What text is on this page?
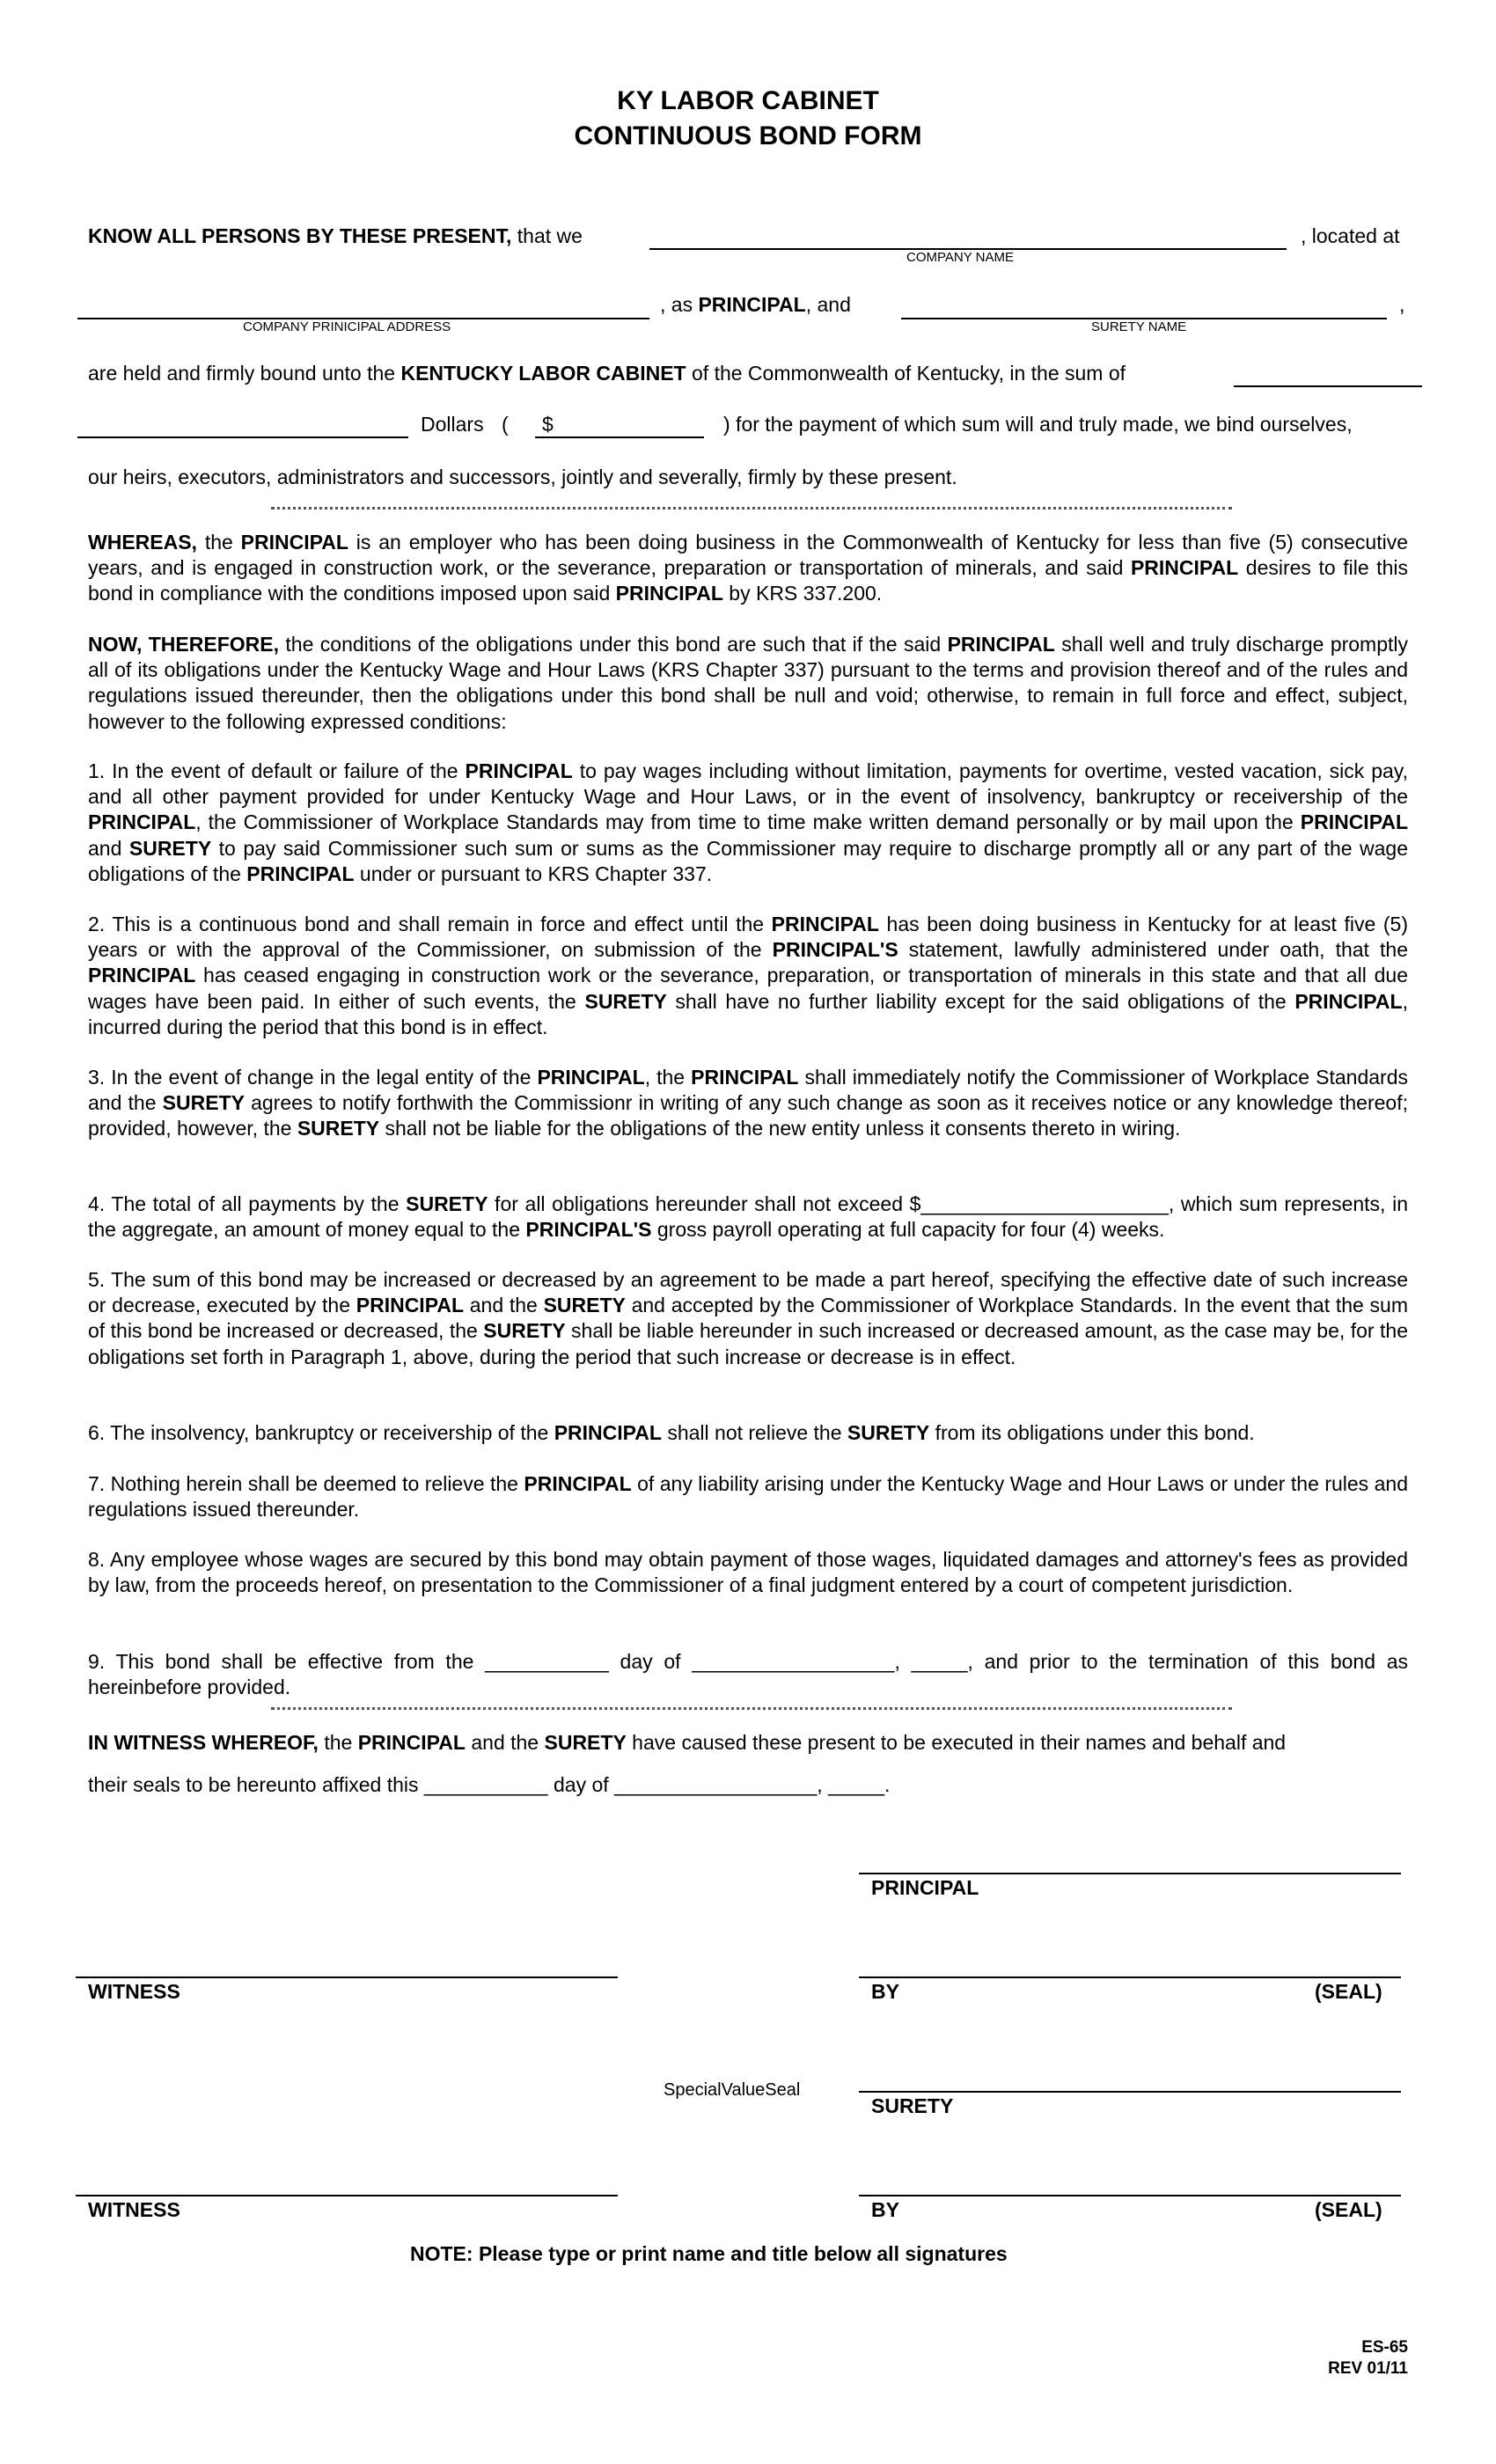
KY LABOR CABINET
CONTINUOUS BOND FORM
KNOW ALL PERSONS BY THESE PRESENT, that we	, located at
COMPANY NAME
, as PRINCIPAL, and	,
COMPANY PRINICIPAL ADDRESS	SURETY NAME
are held and firmly bound unto the KENTUCKY LABOR CABINET of the Commonwealth of Kentucky, in the sum of
Dollars ( $	) for the payment of which sum will and truly made, we bind ourselves,
our heirs, executors, administrators and successors, jointly and severally, firmly by these present.
WHEREAS, the PRINCIPAL is an employer who has been doing business in the Commonwealth of Kentucky for less than five (5) consecutive years, and is engaged in construction work, or the severance, preparation or transportation of minerals, and said PRINCIPAL desires to file this bond in compliance with the conditions imposed upon said PRINCIPAL by KRS 337.200.
NOW, THEREFORE, the conditions of the obligations under this bond are such that if the said PRINCIPAL shall well and truly discharge promptly all of its obligations under the Kentucky Wage and Hour Laws (KRS Chapter 337) pursuant to the terms and provision thereof and of the rules and regulations issued thereunder, then the obligations under this bond shall be null and void; otherwise, to remain in full force and effect, subject, however to the following expressed conditions:
1. In the event of default or failure of the PRINCIPAL to pay wages including without limitation, payments for overtime, vested vacation, sick pay, and all other payment provided for under Kentucky Wage and Hour Laws, or in the event of insolvency, bankruptcy or receivership of the PRINCIPAL, the Commissioner of Workplace Standards may from time to time make written demand personally or by mail upon the PRINCIPAL and SURETY to pay said Commissioner such sum or sums as the Commissioner may require to discharge promptly all or any part of the wage obligations of the PRINCIPAL under or pursuant to KRS Chapter 337.
2. This is a continuous bond and shall remain in force and effect until the PRINCIPAL has been doing business in Kentucky for at least five (5) years or with the approval of the Commissioner, on submission of the PRINCIPAL'S statement, lawfully administered under oath, that the PRINCIPAL has ceased engaging in construction work or the severance, preparation, or transportation of minerals in this state and that all due wages have been paid. In either of such events, the SURETY shall have no further liability except for the said obligations of the PRINCIPAL, incurred during the period that this bond is in effect.
3. In the event of change in the legal entity of the PRINCIPAL, the PRINCIPAL shall immediately notify the Commissioner of Workplace Standards and the SURETY agrees to notify forthwith the Commissionr in writing of any such change as soon as it receives notice or any knowledge thereof; provided, however, the SURETY shall not be liable for the obligations of the new entity unless it consents thereto in wiring.
4. The total of all payments by the SURETY for all obligations hereunder shall not exceed $______________________, which sum represents, in the aggregate, an amount of money equal to the PRINCIPAL'S gross payroll operating at full capacity for four (4) weeks.
5. The sum of this bond may be increased or decreased by an agreement to be made a part hereof, specifying the effective date of such increase or decrease, executed by the PRINCIPAL and the SURETY and accepted by the Commissioner of Workplace Standards. In the event that the sum of this bond be increased or decreased, the SURETY shall be liable hereunder in such increased or decreased amount, as the case may be, for the obligations set forth in Paragraph 1, above, during the period that such increase or decrease is in effect.
6. The insolvency, bankruptcy or receivership of the PRINCIPAL shall not relieve the SURETY from its obligations under this bond.
7. Nothing herein shall be deemed to relieve the PRINCIPAL of any liability arising under the Kentucky Wage and Hour Laws or under the rules and regulations issued thereunder.
8. Any employee whose wages are secured by this bond may obtain payment of those wages, liquidated damages and attorney's fees as provided by law, from the proceeds hereof, on presentation to the Commissioner of a final judgment entered by a court of competent jurisdiction.
9. This bond shall be effective from the ___________ day of __________________, _____, and prior to the termination of this bond as hereinbefore provided.
IN WITNESS WHEREOF, the PRINCIPAL and the SURETY have caused these present to be executed in their names and behalf and
their seals to be hereunto affixed this ___________ day of __________________, _____.
PRINCIPAL
WITNESS	BY	(SEAL)
SpecialValueSeal
SURETY
WITNESS	BY	(SEAL)
NOTE: Please type or print name and title below all signatures
ES-65
REV 01/11
